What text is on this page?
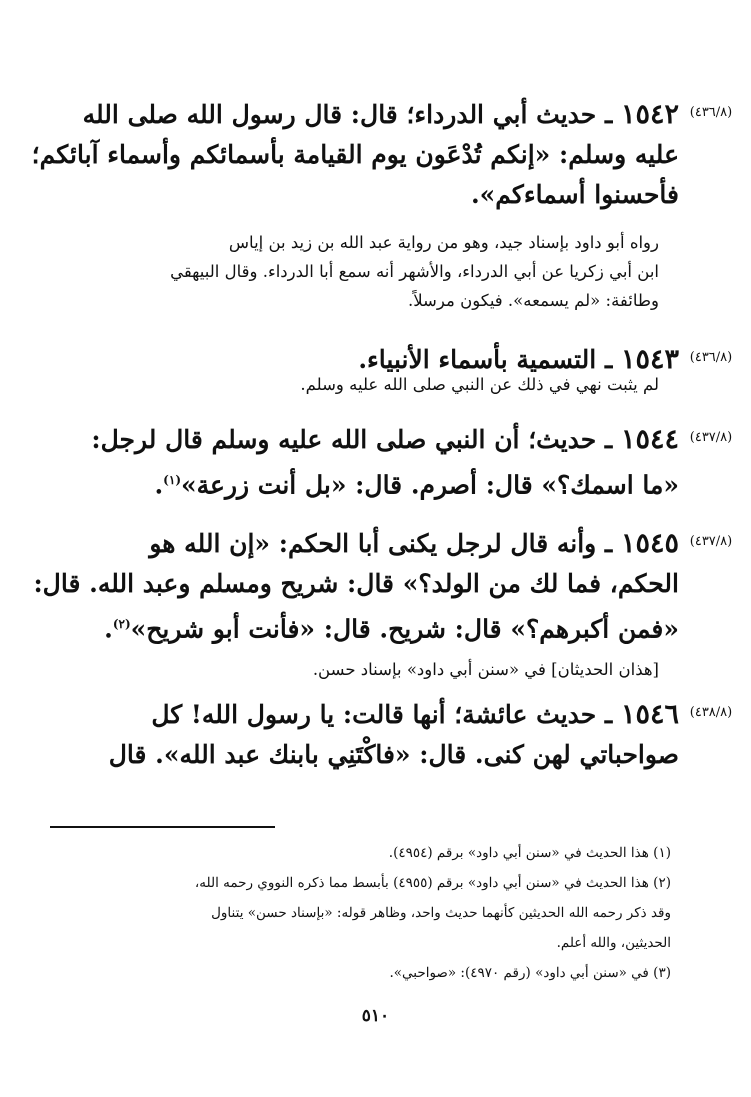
(٤٣٦/٨)

١٥٤٢ ـ حديث أبي الدرداء؛ قال: قال رسول الله صلى الله

عليه وسلم: «إنكم تُدْعَون يوم القيامة بأسمائكم وأسماء آبائكم؛

فأحسنوا أسماءكم».

رواه أبو داود بإسناد جيد، وهو من رواية عبد الله بن زيد بن إياس
ابن أبي زكريا عن أبي الدرداء، والأشهر أنه سمع أبا الدرداء. وقال البيهقي
وطائفة: «لم يسمعه». فيكون مرسلاً.
(٤٣٦/٨)

١٥٤٣ ـ التسمية بأسماء الأنبياء.

لم يثبت نهي في ذلك عن النبي صلى الله عليه وسلم.
(٤٣٧/٨)

١٥٤٤ ـ حديث؛ أن النبي صلى الله عليه وسلم قال لرجل:

«ما اسمك؟» قال: أصرم. قال: «بل أنت زرعة»$^{(١)}$.

(٤٣٧/٨)

١٥٤٥ ـ وأنه قال لرجل يكنى أبا الحكم: «إن الله هو

الحكم، فما لك من الولد؟» قال: شريح ومسلم وعبد الله. قال:

«فمن أكبرهم؟» قال: شريح. قال: «فأنت أبو شريح»$^{(٢)}$.

[هذان الحديثان] في «سنن أبي داود» بإسناد حسن.
(٤٣٨/٨)

١٥٤٦ ـ حديث عائشة؛ أنها قالت: يا رسول الله! كل

صواحباتي لهن كنى. قال: «فاكْتَنِي بابنك عبد الله». قال

(١) هذا الحديث في «سنن أبي داود» برقم (٤٩٥٤).
(٢) هذا الحديث في «سنن أبي داود» برقم (٤٩٥٥) بأبسط مما ذكره النووي رحمه الله،
وقد ذكر رحمه الله الحديثين كأنهما حديث واحد، وظاهر قوله: «بإسناد حسن» يتناول
الحديثين، والله أعلم.
(٣) في «سنن أبي داود» (رقم ٤٩٧٠): «صواحبي».
٥١٠
